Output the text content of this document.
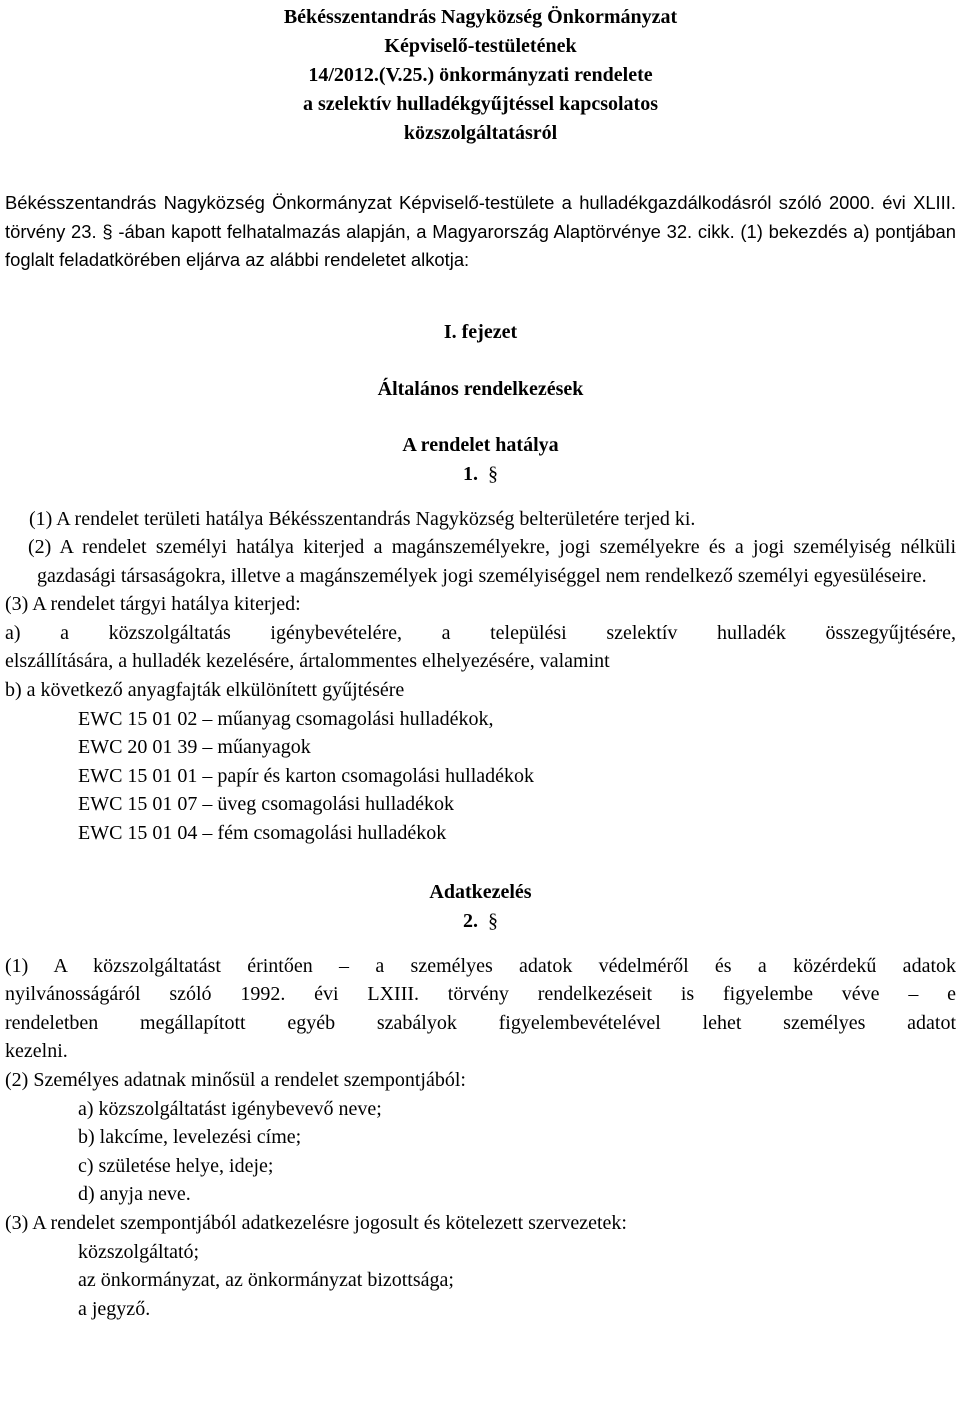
Békésszentandrás Nagyközség Önkormányzat
Képviselő-testületének
14/2012.(V.25.) önkormányzati rendelete
a szelektív hulladékgyűjtéssel kapcsolatos
közszolgáltatásról
Békésszentandrás Nagyközség Önkormányzat Képviselő-testülete a hulladékgazdálkodásról szóló 2000. évi XLIII. törvény 23. § -ában kapott felhatalmazás alapján, a Magyarország Alaptörvénye 32. cikk. (1) bekezdés a) pontjában foglalt feladatkörében eljárva az alábbi rendeletet alkotja:
I. fejezet
Általános rendelkezések
A rendelet hatálya
1. §
(1) A rendelet területi hatálya Békésszentandrás Nagyközség belterületére terjed ki.
(2) A rendelet személyi hatálya kiterjed a magánszemélyekre, jogi személyekre és a jogi személyiség nélküli gazdasági társaságokra, illetve a magánszemélyek jogi személyiséggel nem rendelkező személyi egyesüléseire.
(3) A rendelet tárgyi hatálya kiterjed:
a) a közszolgáltatás igénybevételére, a települési szelektív hulladék összegyűjtésére,
elszállítására, a hulladék kezelésére, ártalommentes elhelyezésére, valamint
b) a következő anyagfajták elkülönített gyűjtésére
EWC 15 01 02 – műanyag csomagolási hulladékok,
EWC 20 01 39 – műanyagok
EWC 15 01 01 – papír és karton csomagolási hulladékok
EWC 15 01 07 – üveg csomagolási hulladékok
EWC 15 01 04 – fém csomagolási hulladékok
Adatkezelés
2. §
(1) A közszolgáltatást érintően – a személyes adatok védelméről és a közérdekű adatok
nyilvánosságáról szóló 1992. évi LXIII. törvény rendelkezéseit is figyelembe véve – e
rendeletben megállapított egyéb szabályok figyelembevételével lehet személyes adatot
kezelni.
(2) Személyes adatnak minősül a rendelet szempontjából:
a) közszolgáltatást igénybevevő neve;
b) lakcíme, levelezési címe;
c) születése helye, ideje;
d) anyja neve.
(3) A rendelet szempontjából adatkezelésre jogosult és kötelezett szervezetek:
közszolgáltató;
az önkormányzat, az önkormányzat bizottsága;
a jegyző.
